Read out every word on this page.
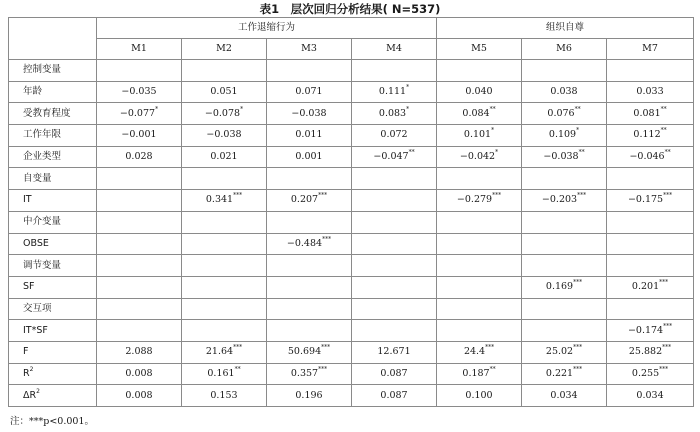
表1　层次回归分析结果( N=537)
	工作退缩行为				组织自尊		
	M1	M2	M3	M4	M5	M6	M7
控制变量							
年龄	−0.035	0.051	0.071	0.111*	0.040	0.038	0.033
受教育程度	−0.077*	−0.078*	−0.038	0.083*	0.084**	0.076**	0.081**
工作年限	−0.001	−0.038	0.011	0.072	0.101*	0.109*	0.112**
企业类型	0.028	0.021	0.001	−0.047**	−0.042*	−0.038**	−0.046**
自变量							
IT		0.341***	0.207***		−0.279***	−0.203***	−0.175***
中介变量							
OBSE			−0.484***				
调节变量							
SF						0.169***	0.201***
交互项							
IT*SF							−0.174***
F	2.088	21.64***	50.694***	12.671	24.4***	25.02***	25.882***
$R^2$	0.008	0.161**	0.357***	0.087	0.187**	0.221***	0.255***
$\Delta R^2$	0.008	0.153	0.196	0.087	0.100	0.034	0.034
注：***p<0.001。
